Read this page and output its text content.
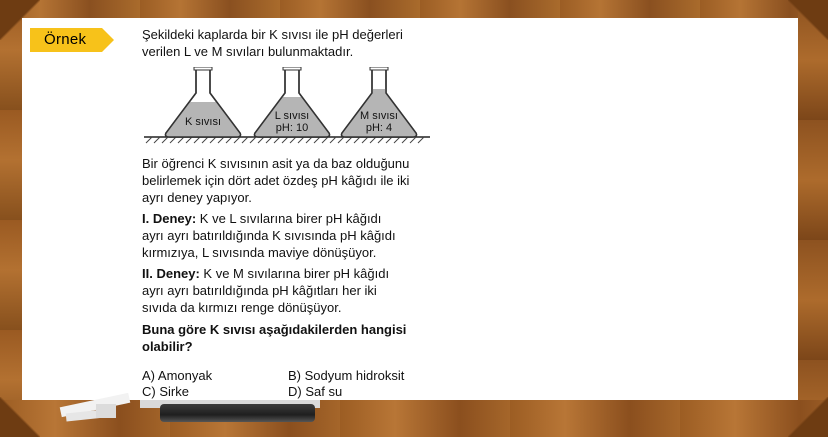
Örnek	Şekildeki kaplarda bir K sıvısı ile pH değerleri
verilen L ve M sıvıları bulunmaktadır.
K sıvısı	L sıvısı
pH: 10
M sıvısı
pH: 4
Bir öğrenci K sıvısının asit ya da baz olduğunu
belirlemek için dört adet özdeş pH kâğıdı ile iki
ayrı deney yapıyor.
I. Deney: K ve L sıvılarına birer pH kâğıdı
ayrı ayrı batırıldığında K sıvısında pH kâğıdı
kırmızıya, L sıvısında maviye dönüşüyor.
II. Deney: K ve M sıvılarına birer pH kâğıdı
ayrı ayrı batırıldığında pH kâğıtları her iki
sıvıda da kırmızı renge dönüşüyor.
Buna göre K sıvısı aşağıdakilerden hangisi
olabilir?
A) Amonyak	B) Sodyum hidroksit
C) Sirke	D) Saf su
